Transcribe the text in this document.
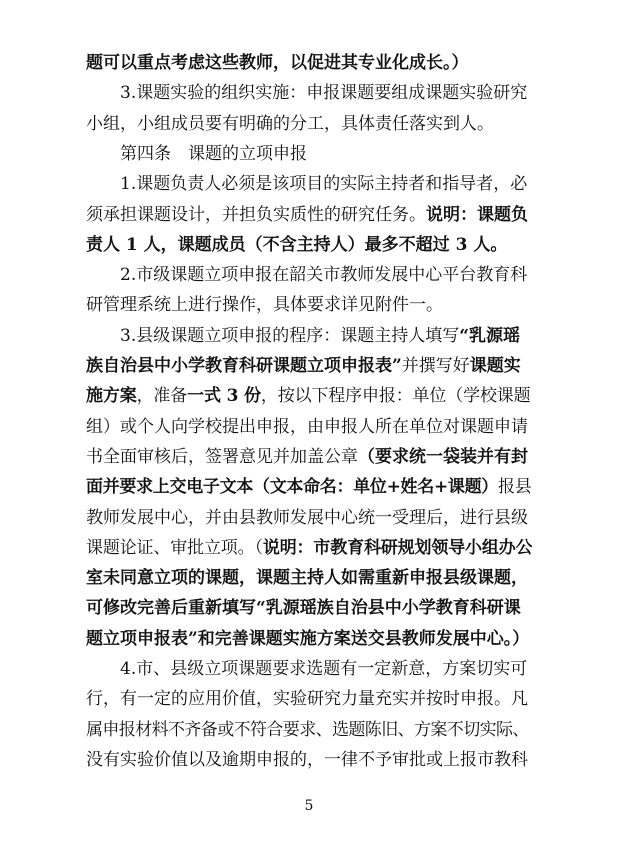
题可以重点考虑这些教师，以促进其专业化成长。）
3.课题实验的组织实施：申报课题要组成课题实验研究
小组，小组成员要有明确的分工，具体责任落实到人。
第四条　课题的立项申报
1.课题负责人必须是该项目的实际主持者和指导者，必
须承担课题设计，并担负实质性的研究任务。说明：课题负
责人 1 人，课题成员（不含主持人）最多不超过 3 人。
2.市级课题立项申报在韶关市教师发展中心平台教育科
研管理系统上进行操作，具体要求详见附件一。
3.县级课题立项申报的程序：课题主持人填写“乳源瑶
族自治县中小学教育科研课题立项申报表”并撰写好课题实
施方案，准备一式 3 份，按以下程序申报：单位（学校课题
组）或个人向学校提出申报，由申报人所在单位对课题申请
书全面审核后，签署意见并加盖公章（要求统一袋装并有封
面并要求上交电子文本（文本命名：单位+姓名+课题）报县
教师发展中心，并由县教师发展中心统一受理后，进行县级
课题论证、审批立项。（说明：市教育科研规划领导小组办公
室未同意立项的课题，课题主持人如需重新申报县级课题，
可修改完善后重新填写“乳源瑶族自治县中小学教育科研课
题立项申报表”和完善课题实施方案送交县教师发展中心。）
4.市、县级立项课题要求选题有一定新意，方案切实可
行，有一定的应用价值，实验研究力量充实并按时申报。凡
属申报材料不齐备或不符合要求、选题陈旧、方案不切实际、
没有实验价值以及逾期申报的，一律不予审批或上报市教科
5
